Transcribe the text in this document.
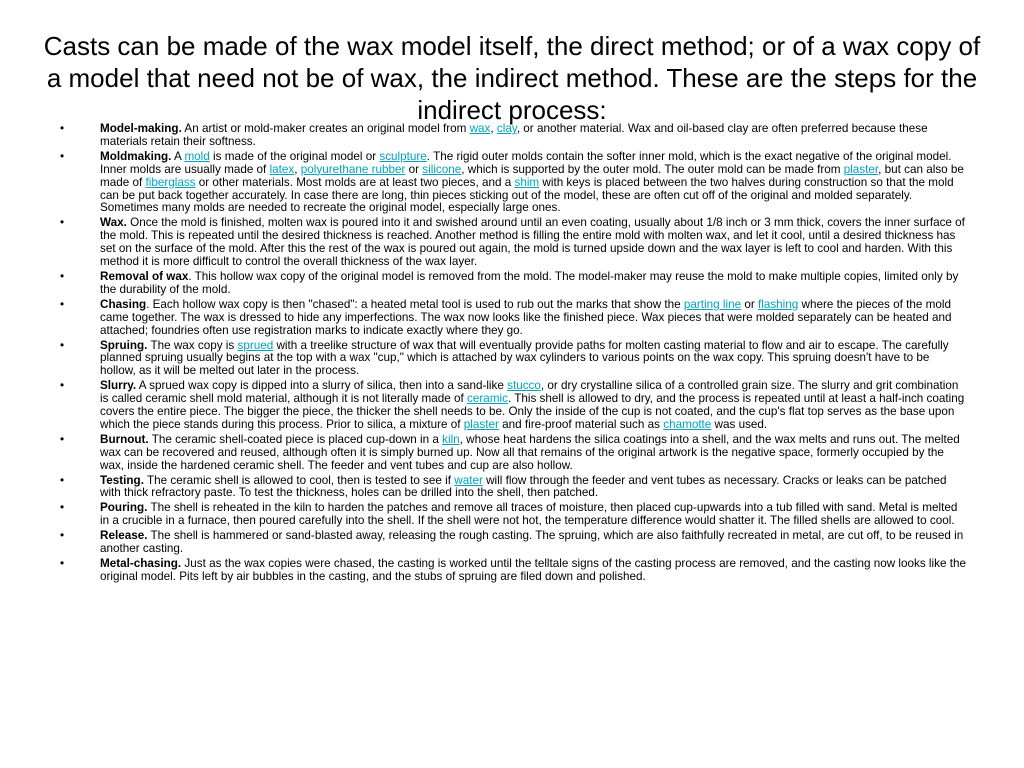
Casts can be made of the wax model itself, the direct method; or of a wax copy of a model that need not be of wax, the indirect method. These are the steps for the indirect process:
•	Model-making. An artist or mold-maker creates an original model from wax, clay, or another material. Wax and oil-based clay are often preferred because these materials retain their softness.
•	Moldmaking. A mold is made of the original model or sculpture. The rigid outer molds contain the softer inner mold, which is the exact negative of the original model. Inner molds are usually made of latex, polyurethane rubber or silicone, which is supported by the outer mold. The outer mold can be made from plaster, but can also be made of fiberglass or other materials. Most molds are at least two pieces, and a shim with keys is placed between the two halves during construction so that the mold can be put back together accurately. In case there are long, thin pieces sticking out of the model, these are often cut off of the original and molded separately. Sometimes many molds are needed to recreate the original model, especially large ones.
•	Wax. Once the mold is finished, molten wax is poured into it and swished around until an even coating, usually about 1/8 inch or 3 mm thick, covers the inner surface of the mold. This is repeated until the desired thickness is reached. Another method is filling the entire mold with molten wax, and let it cool, until a desired thickness has set on the surface of the mold. After this the rest of the wax is poured out again, the mold is turned upside down and the wax layer is left to cool and harden. With this method it is more difficult to control the overall thickness of the wax layer.
•	Removal of wax. This hollow wax copy of the original model is removed from the mold. The model-maker may reuse the mold to make multiple copies, limited only by the durability of the mold.
•	Chasing. Each hollow wax copy is then "chased": a heated metal tool is used to rub out the marks that show the parting line or flashing where the pieces of the mold came together. The wax is dressed to hide any imperfections. The wax now looks like the finished piece. Wax pieces that were molded separately can be heated and attached; foundries often use registration marks to indicate exactly where they go.
•	Spruing. The wax copy is sprued with a treelike structure of wax that will eventually provide paths for molten casting material to flow and air to escape. The carefully planned spruing usually begins at the top with a wax "cup," which is attached by wax cylinders to various points on the wax copy. This spruing doesn't have to be hollow, as it will be melted out later in the process.
•	Slurry. A sprued wax copy is dipped into a slurry of silica, then into a sand-like stucco, or dry crystalline silica of a controlled grain size. The slurry and grit combination is called ceramic shell mold material, although it is not literally made of ceramic. This shell is allowed to dry, and the process is repeated until at least a half-inch coating covers the entire piece. The bigger the piece, the thicker the shell needs to be. Only the inside of the cup is not coated, and the cup's flat top serves as the base upon which the piece stands during this process. Prior to silica, a mixture of plaster and fire-proof material such as chamotte was used.
•	Burnout. The ceramic shell-coated piece is placed cup-down in a kiln, whose heat hardens the silica coatings into a shell, and the wax melts and runs out. The melted wax can be recovered and reused, although often it is simply burned up. Now all that remains of the original artwork is the negative space, formerly occupied by the wax, inside the hardened ceramic shell. The feeder and vent tubes and cup are also hollow.
•	Testing. The ceramic shell is allowed to cool, then is tested to see if water will flow through the feeder and vent tubes as necessary. Cracks or leaks can be patched with thick refractory paste. To test the thickness, holes can be drilled into the shell, then patched.
•	Pouring. The shell is reheated in the kiln to harden the patches and remove all traces of moisture, then placed cup-upwards into a tub filled with sand. Metal is melted in a crucible in a furnace, then poured carefully into the shell. If the shell were not hot, the temperature difference would shatter it. The filled shells are allowed to cool.
•	Release. The shell is hammered or sand-blasted away, releasing the rough casting. The spruing, which are also faithfully recreated in metal, are cut off, to be reused in another casting.
•	Metal-chasing. Just as the wax copies were chased, the casting is worked until the telltale signs of the casting process are removed, and the casting now looks like the original model. Pits left by air bubbles in the casting, and the stubs of spruing are filed down and polished.
